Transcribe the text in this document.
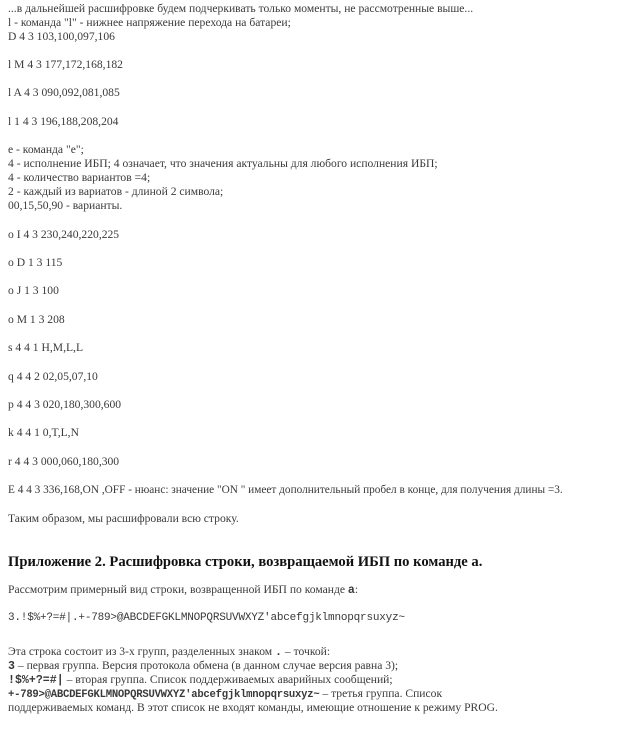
...в дальнейшей расшифровке будем подчеркивать только моменты, не рассмотренные выше...
l - команда "l" - нижнее напряжение перехода на батареи;
D 4 3 103,100,097,106
l M 4 3 177,172,168,182
l A 4 3 090,092,081,085
l 1 4 3 196,188,208,204
e - команда "e";
4 - исполнение ИБП; 4 означает, что значения актуальны для любого исполнения ИБП;
4 - количество вариантов =4;
2 - каждый из вариатов - длиной 2 символа;
00,15,50,90 - варианты.
o I 4 3 230,240,220,225
o D 1 3 115
o J 1 3 100
o M 1 3 208
s 4 4 1 H,M,L,L
q 4 4 2 02,05,07,10
p 4 4 3 020,180,300,600
k 4 4 1 0,T,L,N
r 4 4 3 000,060,180,300
E 4 4 3 336,168,ON ,OFF - нюанс: значение "ON " имеет дополнительный пробел в конце, для получения длины =3.
Таким образом, мы расшифровали всю строку.
Приложение 2. Расшифровка строки, возвращаемой ИБП по команде a.
Рассмотрим примерный вид строки, возвращенной ИБП по команде a:
3.!$%+?=#|.+-789>@ABCDEFGKLMNOPQRSUVWXYZ'abcefgjklmnopqrsuxyz~
Эта строка состоит из 3-х групп, разделенных знаком . – точкой:
3 – первая группа. Версия протокола обмена (в данном случае версия равна 3);
!$%+?=#| – вторая группа. Список поддерживаемых аварийных сообщений;
+-789>@ABCDEFGKLMNOPQRSUVWXYZ'abcefgjklmnopqrsuxyz~ – третья группа. Список
поддерживаемых команд. В этот список не входят команды, имеющие отношение к режиму PROG.
